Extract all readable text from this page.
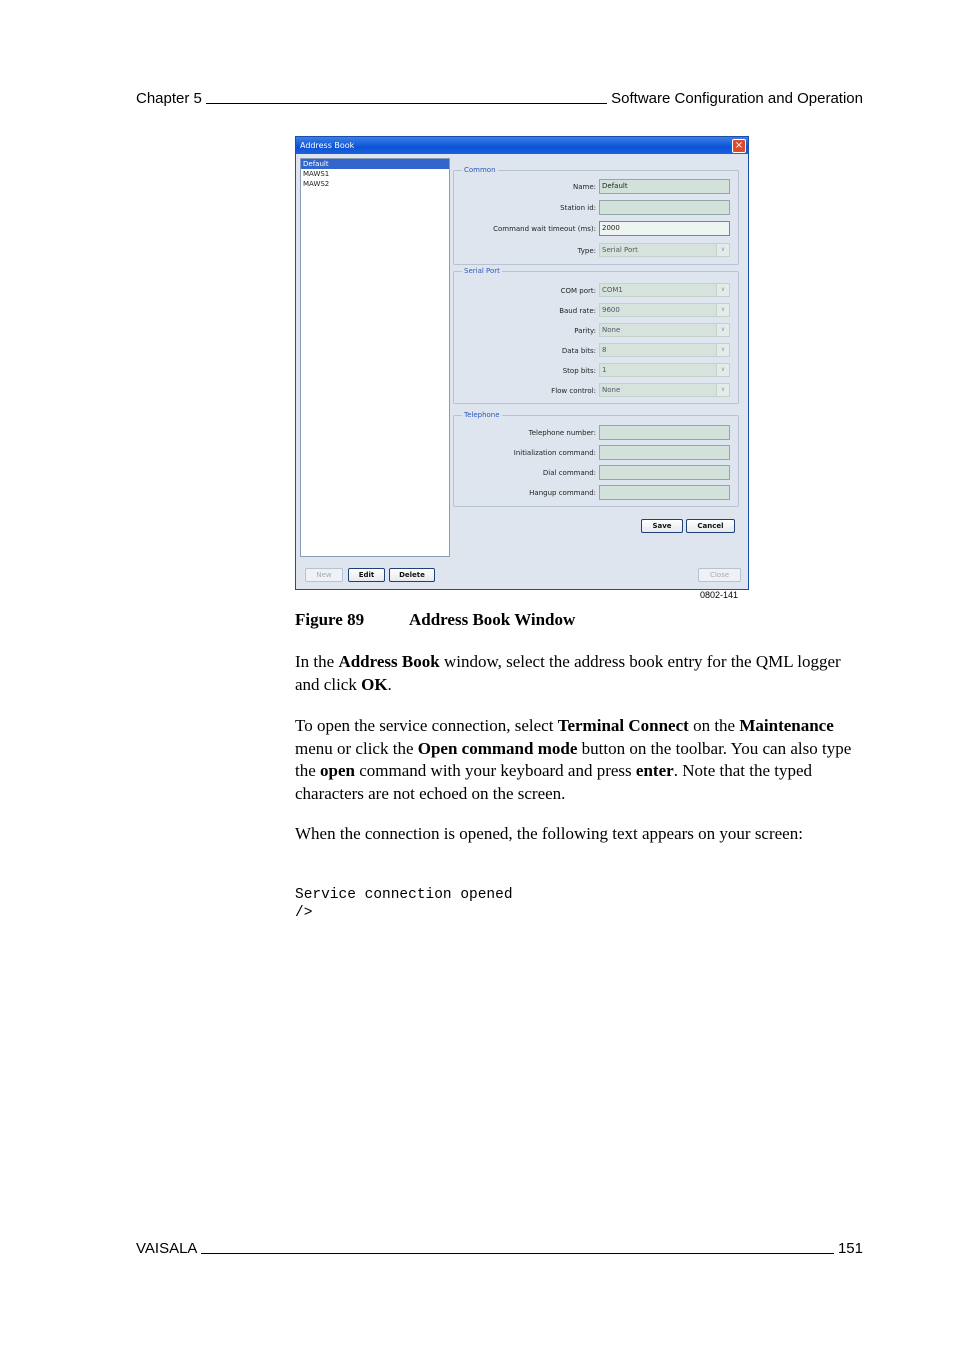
Chapter 5	Software Configuration and Operation
Address Book	×
Default
MAWS1
MAWS2
Common
Name: Default
Station id:
Command wait timeout (ms): 2000
Type: Serial Port	∨
Serial Port
COM port: COM1	∨
Baud rate: 9600	∨
Parity: None	∨
Data bits: 8	∨
Stop bits: 1	∨
Flow control: None	∨
Telephone
Telephone number:
Initialization command:
Dial command:
Hangup command:
Save	Cancel
New	Edit	Delete	Close
0802-141
Figure 89	Address Book Window
In the Address Book window, select the address book entry for the QML logger and click OK.
To open the service connection, select Terminal Connect on the Maintenance menu or click the Open command mode button on the toolbar. You can also type the open command with your keyboard and press enter. Note that the typed characters are not echoed on the screen.
When the connection is opened, the following text appears on your screen:
Service connection opened
/>
VAISALA	151
